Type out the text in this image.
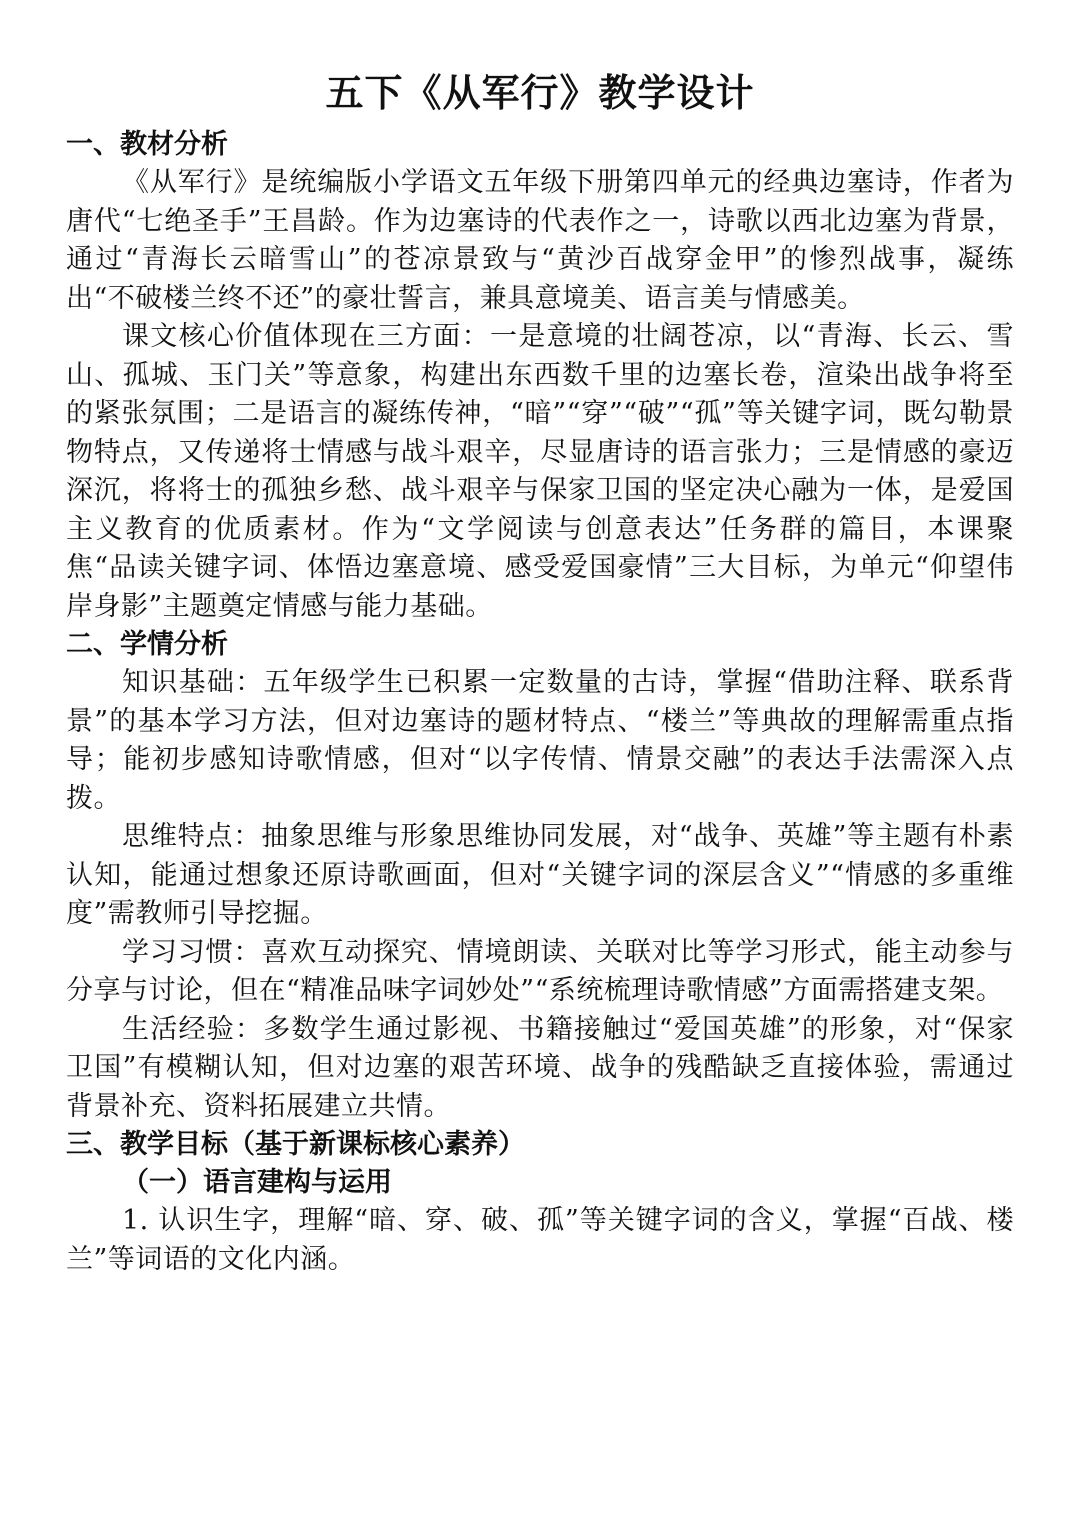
五下《从军行》教学设计
一、教材分析

《从军行》是统编版小学语文五年级下册第四单元的经典边塞诗，作者为唐代“七绝圣手”王昌龄。作为边塞诗的代表作之一，诗歌以西北边塞为背景，通过“青海长云暗雪山”的苍凉景致与“黄沙百战穿金甲”的惨烈战事，凝练出“不破楼兰终不还”的豪壮誓言，兼具意境美、语言美与情感美。

课文核心价值体现在三方面：一是意境的壮阔苍凉，以“青海、长云、雪山、孤城、玉门关”等意象，构建出东西数千里的边塞长卷，渲染出战争将至的紧张氛围；二是语言的凝练传神，“暗”“穿”“破”“孤”等关键字词，既勾勒景物特点，又传递将士情感与战斗艰辛，尽显唐诗的语言张力；三是情感的豪迈深沉，将将士的孤独乡愁、战斗艰辛与保家卫国的坚定决心融为一体，是爱国主义教育的优质素材。作为“文学阅读与创意表达”任务群的篇目，本课聚焦“品读关键字词、体悟边塞意境、感受爱国豪情”三大目标，为单元“仰望伟岸身影”主题奠定情感与能力基础。

二、学情分析

知识基础：五年级学生已积累一定数量的古诗，掌握“借助注释、联系背景”的基本学习方法，但对边塞诗的题材特点、“楼兰”等典故的理解需重点指导；能初步感知诗歌情感，但对“以字传情、情景交融”的表达手法需深入点拨。

思维特点：抽象思维与形象思维协同发展，对“战争、英雄”等主题有朴素认知，能通过想象还原诗歌画面，但对“关键字词的深层含义”“情感的多重维度”需教师引导挖掘。

学习习惯：喜欢互动探究、情境朗读、关联对比等学习形式，能主动参与分享与讨论，但在“精准品味字词妙处”“系统梳理诗歌情感”方面需搭建支架。

生活经验：多数学生通过影视、书籍接触过“爱国英雄”的形象，对“保家卫国”有模糊认知，但对边塞的艰苦环境、战争的残酷缺乏直接体验，需通过背景补充、资料拓展建立共情。

三、教学目标（基于新课标核心素养）
（一）语言建构与运用

1. 认识生字，理解“暗、穿、破、孤”等关键字词的含义，掌握“百战、楼兰”等词语的文化内涵。
